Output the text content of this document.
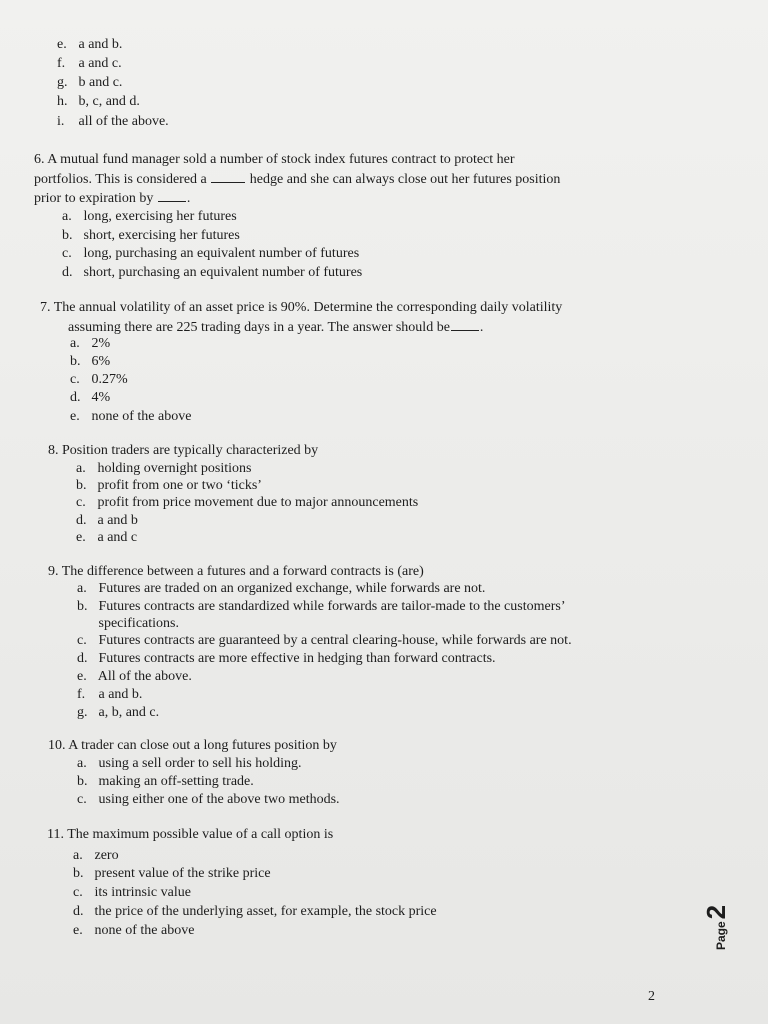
e. a and b.
f. a and c.
g. b and c.
h. b, c, and d.
i. all of the above.
6. A mutual fund manager sold a number of stock index futures contract to protect her
portfolios. This is considered a	hedge and she can always close out her futures position
prior to expiration by .
a. long, exercising her futures
b. short, exercising her futures
c. long, purchasing an equivalent number of futures
d. short, purchasing an equivalent number of futures
7. The annual volatility of an asset price is 90%. Determine the corresponding daily volatility
assuming there are 225 trading days in a year. The answer should be .
a. 2%
b. 6%
c. 0.27%
d. 4%
e. none of the above
8. Position traders are typically characterized by
a. holding overnight positions
b. profit from one or two ‘ticks’
c. profit from price movement due to major announcements
d. a and b
e. a and c
9. The difference between a futures and a forward contracts is (are)
a. Futures are traded on an organized exchange, while forwards are not.
b. Futures contracts are standardized while forwards are tailor-made to the customers’
specifications.
c. Futures contracts are guaranteed by a central clearing-house, while forwards are not.
d. Futures contracts are more effective in hedging than forward contracts.
e. All of the above.
f. a and b.
g. a, b, and c.
10. A trader can close out a long futures position by
a. using a sell order to sell his holding.
b. making an off-setting trade.
c. using either one of the above two methods.
11. The maximum possible value of a call option is
a. zero
b. present value of the strike price
c. its intrinsic value
d. the price of the underlying asset, for example, the stock price
e. none of the above	Page2
2
